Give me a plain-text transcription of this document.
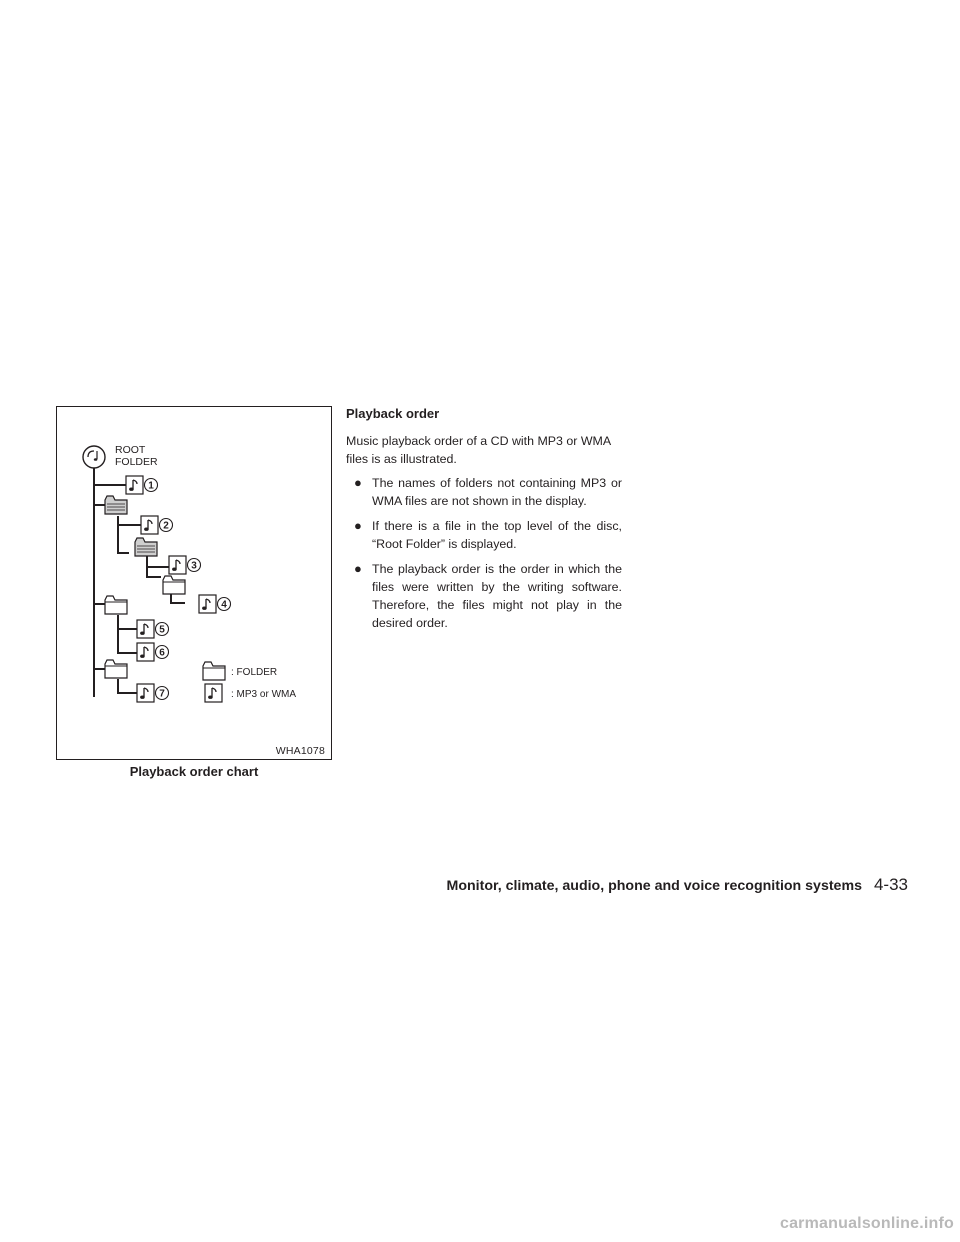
ROOT
FOLDER
1
2
3
4
5
6
7
: FOLDER
: MP3 or WMA
WHA1078
Playback order chart
Playback order

Music playback order of a CD with MP3 or WMA files is as illustrated.

● The names of folders not containing MP3 or WMA files are not shown in the display.
● If there is a file in the top level of the disc, “Root Folder” is displayed.
● The playback order is the order in which the files were written by the writing software. Therefore, the files might not play in the desired order.
Monitor, climate, audio, phone and voice recognition systems 4-33
carmanualsonline.info
